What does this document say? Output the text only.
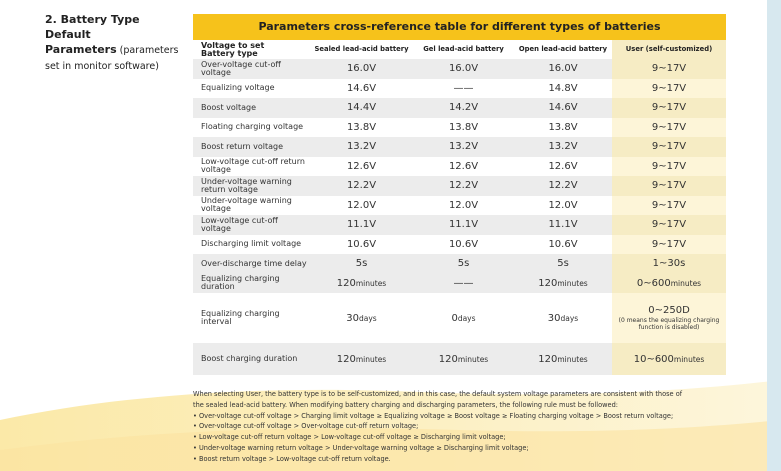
2. Battery Type Default
Parameters (parameters set in monitor software)
Parameters cross-reference table for different types of batteries
Voltage to set
Battery type	Sealed lead-acid battery	Gel lead-acid battery	Open lead-acid battery	User (self-customized)
Over-voltage cut-off voltage	16.0V	16.0V	16.0V	9~17V
Equalizing voltage	14.6V	——	14.8V	9~17V
Boost voltage	14.4V	14.2V	14.6V	9~17V
Floating charging voltage	13.8V	13.8V	13.8V	9~17V
Boost return voltage	13.2V	13.2V	13.2V	9~17V
Low-voltage cut-off return voltage	12.6V	12.6V	12.6V	9~17V
Under-voltage warning return voltage	12.2V	12.2V	12.2V	9~17V
Under-voltage warning voltage	12.0V	12.0V	12.0V	9~17V
Low-voltage cut-off voltage	11.1V	11.1V	11.1V	9~17V
Discharging limit voltage	10.6V	10.6V	10.6V	9~17V
Over-discharge time delay	5s	5s	5s	1~30s
Equalizing charging duration	120minutes	——	120minutes	0~600minutes
Equalizing charging interval	30days	0days	30days	0~250D
(0 means the equalizing charging function is disabled)

Boost charging duration	120minutes	120minutes	120minutes	10~600minutes

When selecting User, the battery type is to be self-customized, and in this case, the default system voltage parameters are consistent with those of

the sealed lead-acid battery. When modifying battery charging and discharging parameters, the following rule must be followed:

• Over-voltage cut-off voltage > Charging limit voltage ≥ Equalizing voltage ≥ Boost voltage ≥ Floating charging voltage > Boost return voltage;

• Over-voltage cut-off voltage > Over-voltage cut-off return voltage;

• Low-voltage cut-off return voltage > Low-voltage cut-off voltage ≥ Discharging limit voltage;

• Under-voltage warning return voltage > Under-voltage warning voltage ≥ Discharging limit voltage;

• Boost return voltage > Low-voltage cut-off return voltage.
